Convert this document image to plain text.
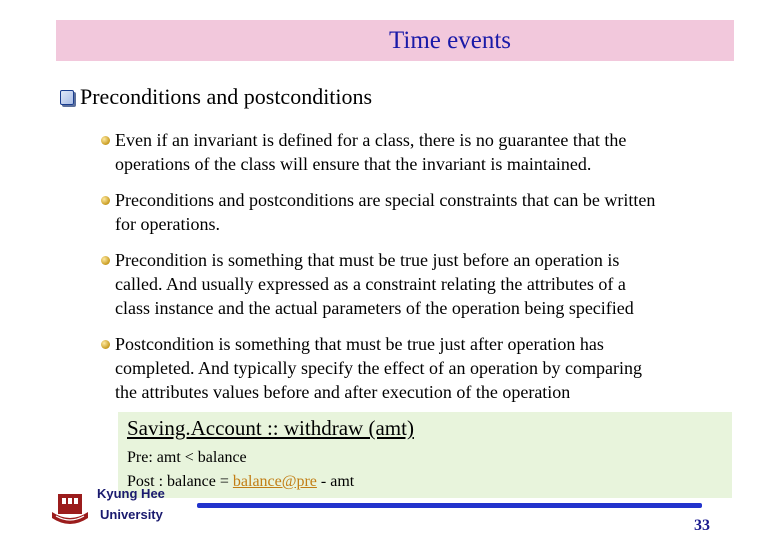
Time events
Preconditions and postconditions
Even if an invariant is defined for a class, there is no guarantee that the
operations of the class will ensure that the invariant is maintained.
Preconditions and postconditions are special constraints that can be written
for operations.
Precondition is something that must be true just before an operation is
called. And usually expressed as a constraint relating the attributes of a
class instance and the actual parameters of the operation being specified
Postcondition is something that must be true just after operation has
completed. And typically specify the effect of an operation by comparing
the attributes values before and after execution of the operation
Saving.Account :: withdraw (amt)
Pre: amt < balance
Post : balance = balance@pre - amt
Kyung Hee
University
33
